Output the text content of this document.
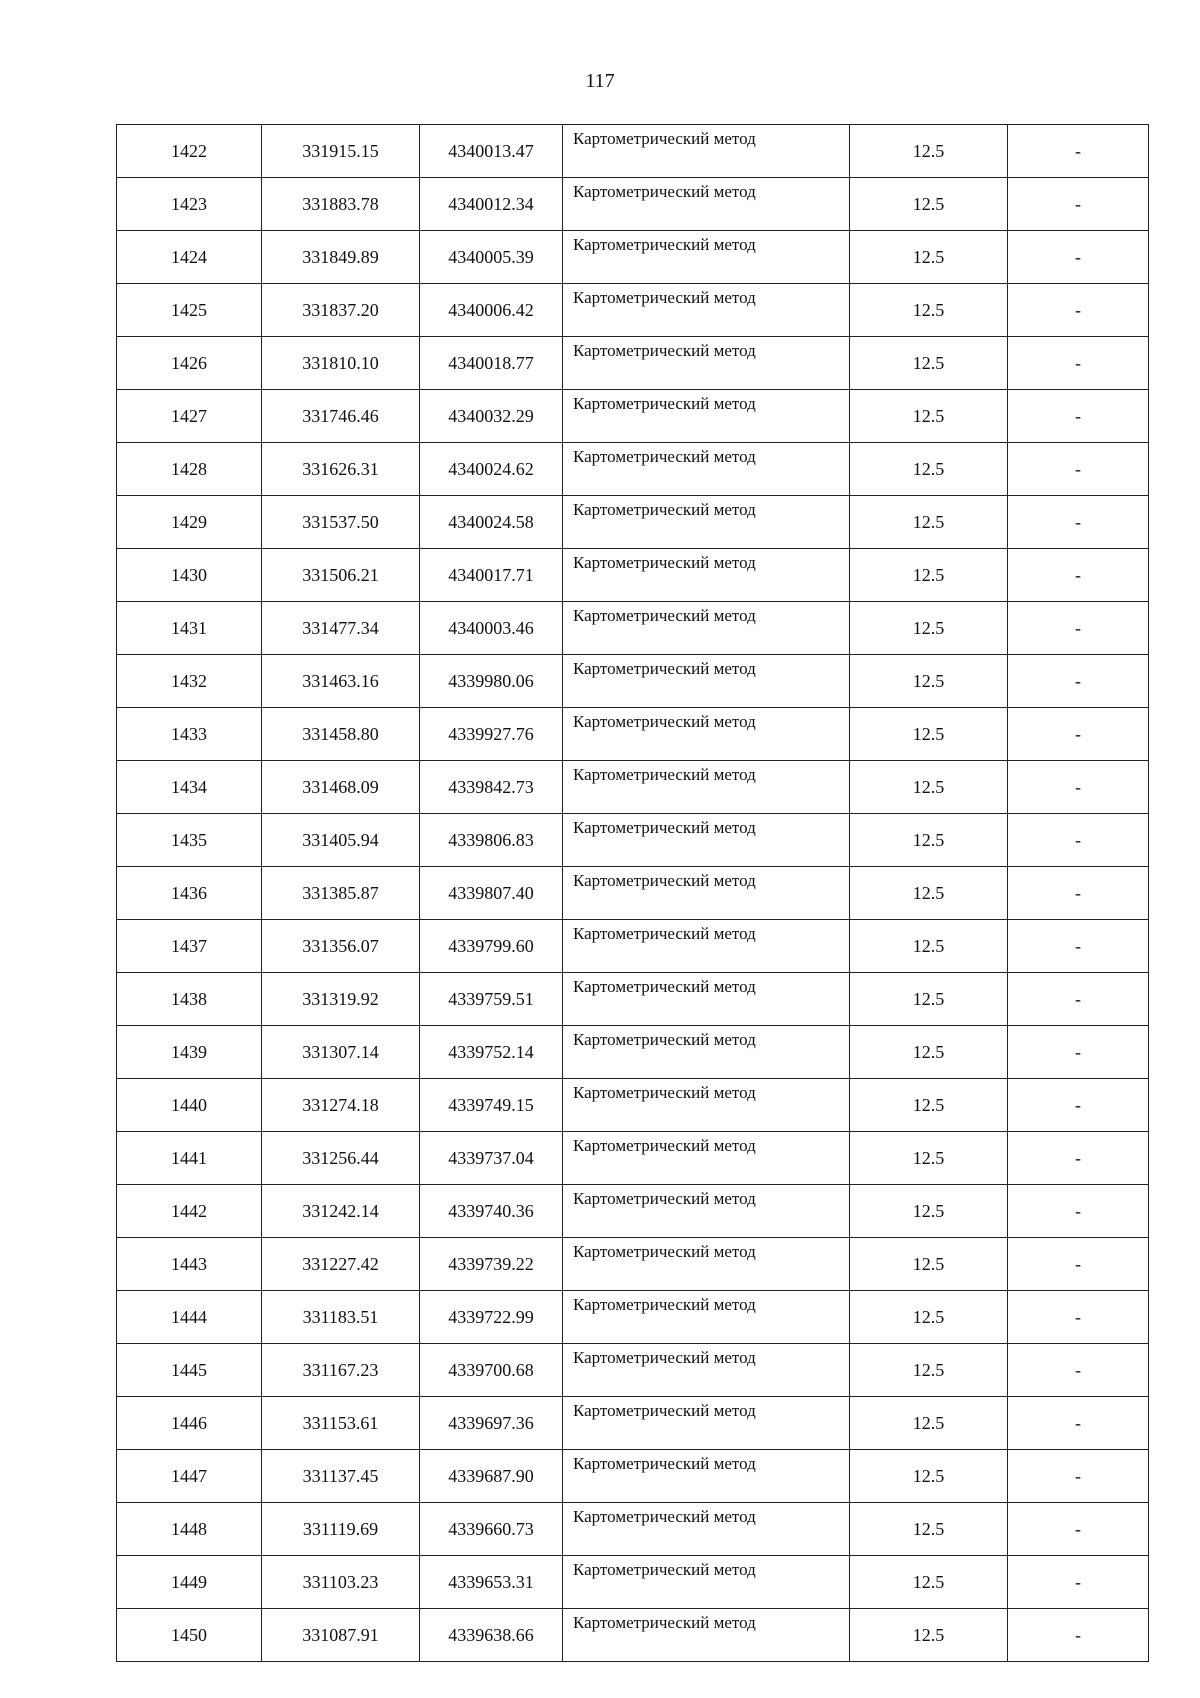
117
1422	331915.15	4340013.47	Картометрический метод	12.5	-
1423	331883.78	4340012.34	Картометрический метод	12.5	-
1424	331849.89	4340005.39	Картометрический метод	12.5	-
1425	331837.20	4340006.42	Картометрический метод	12.5	-
1426	331810.10	4340018.77	Картометрический метод	12.5	-
1427	331746.46	4340032.29	Картометрический метод	12.5	-
1428	331626.31	4340024.62	Картометрический метод	12.5	-
1429	331537.50	4340024.58	Картометрический метод	12.5	-
1430	331506.21	4340017.71	Картометрический метод	12.5	-
1431	331477.34	4340003.46	Картометрический метод	12.5	-
1432	331463.16	4339980.06	Картометрический метод	12.5	-
1433	331458.80	4339927.76	Картометрический метод	12.5	-
1434	331468.09	4339842.73	Картометрический метод	12.5	-
1435	331405.94	4339806.83	Картометрический метод	12.5	-
1436	331385.87	4339807.40	Картометрический метод	12.5	-
1437	331356.07	4339799.60	Картометрический метод	12.5	-
1438	331319.92	4339759.51	Картометрический метод	12.5	-
1439	331307.14	4339752.14	Картометрический метод	12.5	-
1440	331274.18	4339749.15	Картометрический метод	12.5	-
1441	331256.44	4339737.04	Картометрический метод	12.5	-
1442	331242.14	4339740.36	Картометрический метод	12.5	-
1443	331227.42	4339739.22	Картометрический метод	12.5	-
1444	331183.51	4339722.99	Картометрический метод	12.5	-
1445	331167.23	4339700.68	Картометрический метод	12.5	-
1446	331153.61	4339697.36	Картометрический метод	12.5	-
1447	331137.45	4339687.90	Картометрический метод	12.5	-
1448	331119.69	4339660.73	Картометрический метод	12.5	-
1449	331103.23	4339653.31	Картометрический метод	12.5	-
1450	331087.91	4339638.66	Картометрический метод	12.5	-
